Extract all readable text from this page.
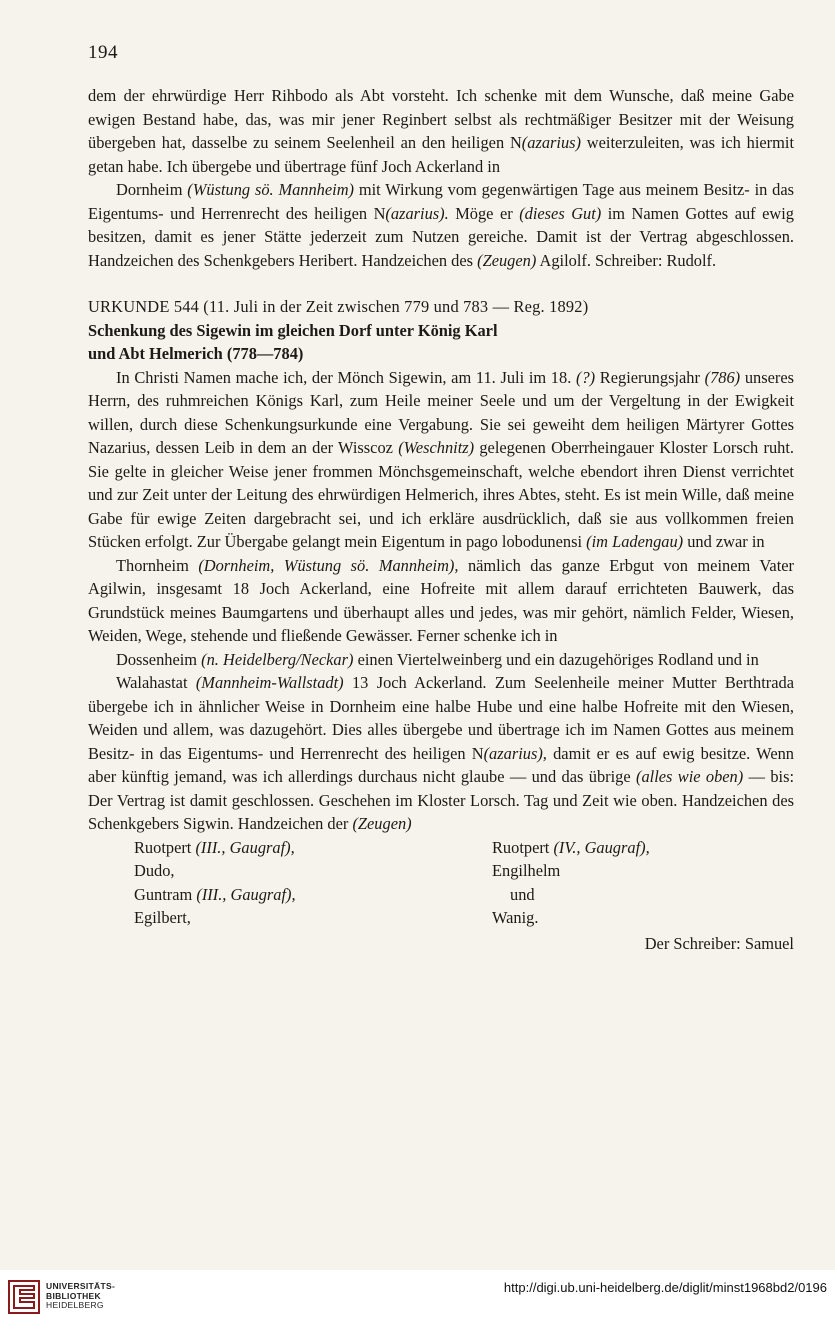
194

dem der ehrwürdige Herr Rihbodo als Abt vorsteht. Ich schenke mit dem Wunsche, daß meine Gabe ewigen Bestand habe, das, was mir jener Reginbert selbst als rechtmäßiger Besitzer mit der Weisung übergeben hat, dasselbe zu seinem Seelenheil an den heiligen N(azarius) weiterzuleiten, was ich hiermit getan habe. Ich übergebe und übertrage fünf Joch Ackerland in

Dornheim (Wüstung sö. Mannheim) mit Wirkung vom gegenwärtigen Tage aus meinem Besitz- in das Eigentums- und Herrenrecht des heiligen N(azarius). Möge er (dieses Gut) im Namen Gottes auf ewig besitzen, damit es jener Stätte jederzeit zum Nutzen gereiche. Damit ist der Vertrag abgeschlossen. Handzeichen des Schenkgebers Heribert. Handzeichen des (Zeugen) Agilolf. Schreiber: Rudolf.

URKUNDE 544 (11. Juli in der Zeit zwischen 779 und 783 — Reg. 1892)

Schenkung des Sigewin im gleichen Dorf unter König Karl

und Abt Helmerich (778—784)

In Christi Namen mache ich, der Mönch Sigewin, am 11. Juli im 18. (?) Regierungsjahr (786) unseres Herrn, des ruhmreichen Königs Karl, zum Heile meiner Seele und um der Vergeltung in der Ewigkeit willen, durch diese Schenkungsurkunde eine Vergabung. Sie sei geweiht dem heiligen Märtyrer Gottes Nazarius, dessen Leib in dem an der Wisscoz (Weschnitz) gelegenen Oberrheingauer Kloster Lorsch ruht. Sie gelte in gleicher Weise jener frommen Mönchsgemeinschaft, welche ebendort ihren Dienst verrichtet und zur Zeit unter der Leitung des ehrwürdigen Helmerich, ihres Abtes, steht. Es ist mein Wille, daß meine Gabe für ewige Zeiten dargebracht sei, und ich erkläre ausdrücklich, daß sie aus vollkommen freien Stücken erfolgt. Zur Übergabe gelangt mein Eigentum in pago lobodunensi (im Ladengau) und zwar in

Thornheim (Dornheim, Wüstung sö. Mannheim), nämlich das ganze Erbgut von meinem Vater Agilwin, insgesamt 18 Joch Ackerland, eine Hofreite mit allem darauf errichteten Bauwerk, das Grundstück meines Baumgartens und überhaupt alles und jedes, was mir gehört, nämlich Felder, Wiesen, Weiden, Wege, stehende und fließende Gewässer. Ferner schenke ich in

Dossenheim (n. Heidelberg/Neckar) einen Viertelweinberg und ein dazugehöriges Rodland und in

Walahastat (Mannheim-Wallstadt) 13 Joch Ackerland. Zum Seelenheile meiner Mutter Berthtrada übergebe ich in ähnlicher Weise in Dornheim eine halbe Hube und eine halbe Hofreite mit den Wiesen, Weiden und allem, was dazugehört. Dies alles übergebe und übertrage ich im Namen Gottes aus meinem Besitz- in das Eigentums- und Herrenrecht des heiligen N(azarius), damit er es auf ewig besitze. Wenn aber künftig jemand, was ich allerdings durchaus nicht glaube — und das übrige (alles wie oben) — bis: Der Vertrag ist damit geschlossen. Geschehen im Kloster Lorsch. Tag und Zeit wie oben. Handzeichen des Schenkgebers Sigwin. Handzeichen der (Zeugen)

Ruotpert (III., Gaugraf),	Ruotpert (IV., Gaugraf),
Dudo,	Engilhelm
Guntram (III., Gaugraf),	und
Egilbert,	Wanig.

Der Schreiber: Samuel

UNIVERSITÄTS-
BIBLIOTHEK
HEIDELBERG
http://digi.ub.uni-heidelberg.de/diglit/minst1968bd2/0196
